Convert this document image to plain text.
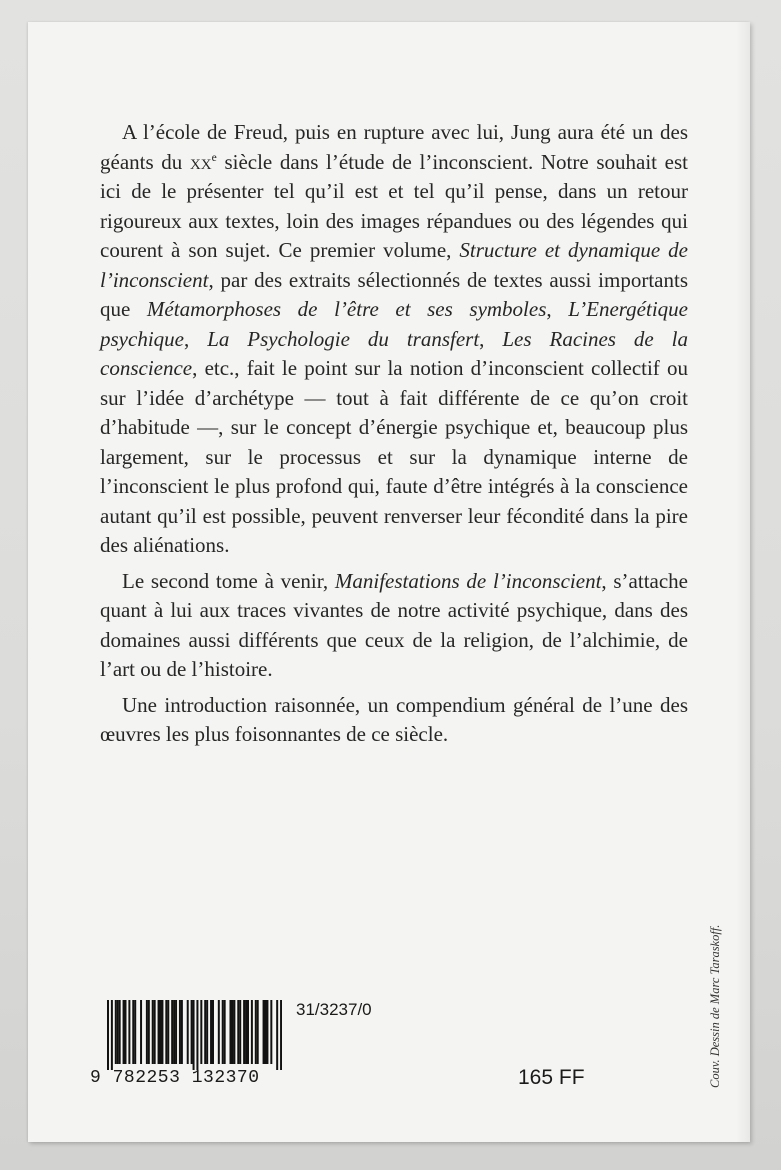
A l’école de Freud, puis en rupture avec lui, Jung aura été un des géants du $xx^e$ siècle dans l’étude de l’inconscient. Notre souhait est ici de le présenter tel qu’il est et tel qu’il pense, dans un retour rigoureux aux textes, loin des images répandues ou des légendes qui courent à son sujet. Ce premier volume, Structure et dynamique de l’inconscient, par des extraits sélectionnés de textes aussi importants que Métamorphoses de l’être et ses symboles, L’Energétique psychique, La Psychologie du transfert, Les Racines de la conscience, etc., fait le point sur la notion d’inconscient collectif ou sur l’idée d’archétype — tout à fait différente de ce qu’on croit d’habitude —, sur le concept d’énergie psychique et, beaucoup plus largement, sur le processus et sur la dynamique interne de l’inconscient le plus profond qui, faute d’être intégrés à la conscience autant qu’il est possible, peuvent renverser leur fécondité dans la pire des aliénations.

Le second tome à venir, Manifestations de l’inconscient, s’attache quant à lui aux traces vivantes de notre activité psychique, dans des domaines aussi différents que ceux de la religion, de l’alchimie, de l’art ou de l’histoire.

Une introduction raisonnée, un compendium général de l’une des œuvres les plus foisonnantes de ce siècle.

9 782253 132370
31/3237/0
165 FF	Couv. Dessin de Marc Taraskoff.
